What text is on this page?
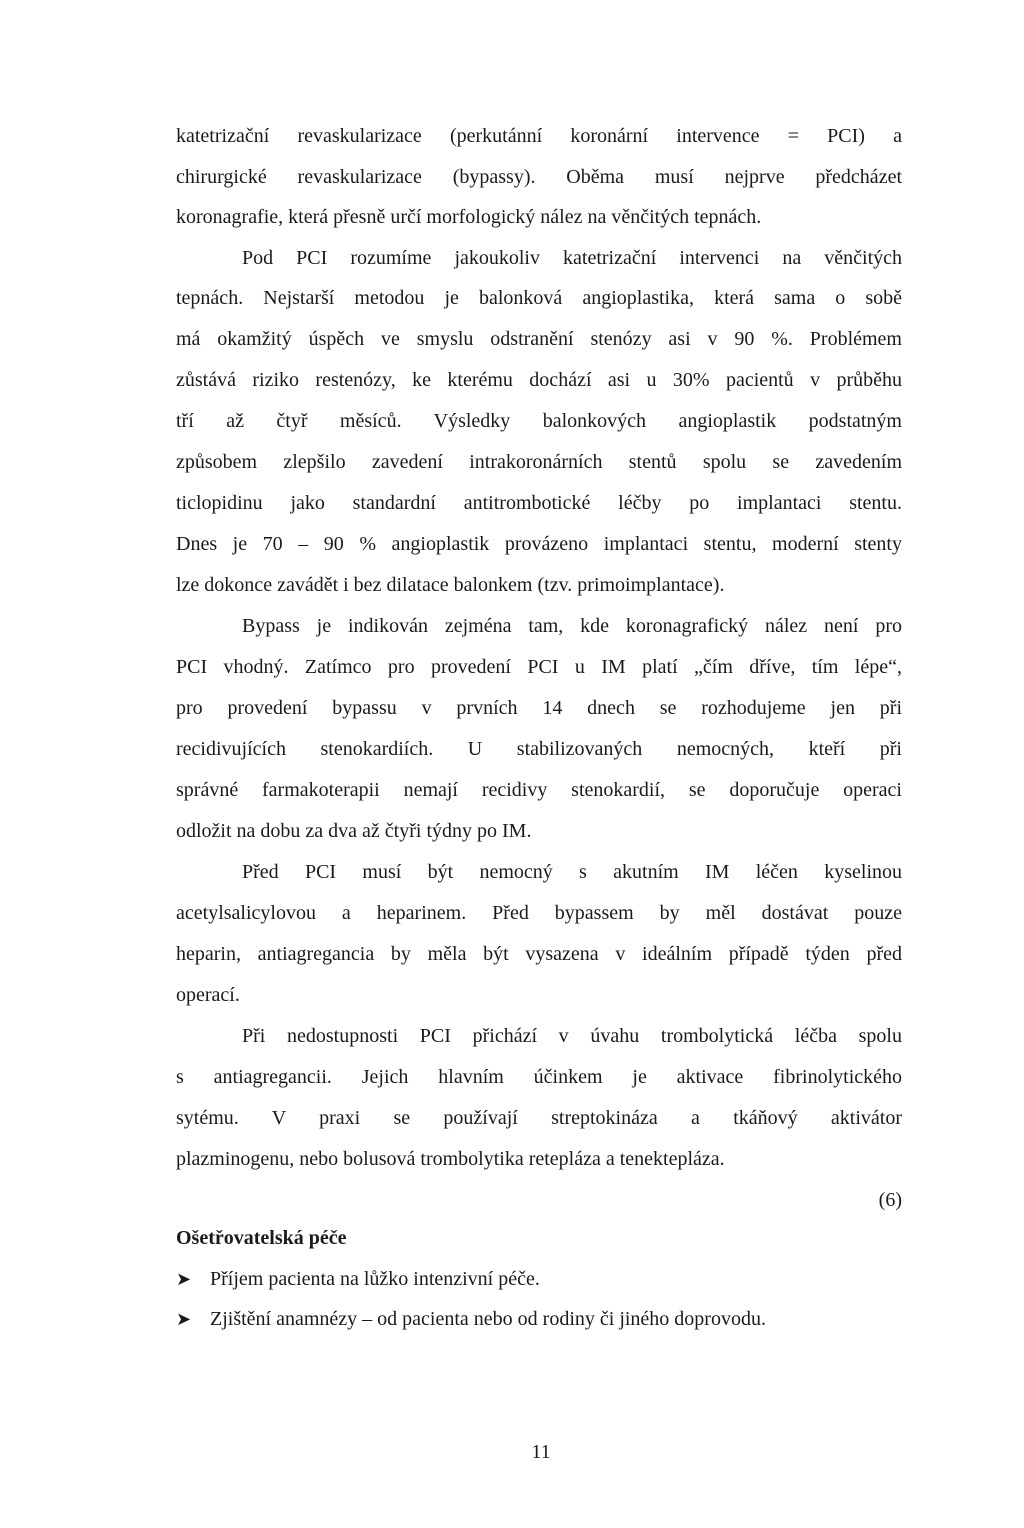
katetrizační revaskularizace (perkutánní koronární intervence = PCI) a

chirurgické revaskularizace (bypassy). Oběma musí nejprve předcházet

koronagrafie, která přesně určí morfologický nález na věnčitých tepnách.

Pod PCI rozumíme jakoukoliv katetrizační intervenci na věnčitých

tepnách. Nejstarší metodou je balonková angioplastika, která sama o sobě

má okamžitý úspěch ve smyslu odstranění stenózy asi v 90 %. Problémem

zůstává riziko restenózy, ke kterému dochází asi u 30% pacientů v průběhu

tří až čtyř měsíců. Výsledky balonkových angioplastik podstatným

způsobem zlepšilo zavedení intrakoronárních stentů spolu se zavedením

ticlopidinu jako standardní antitrombotické léčby po implantaci stentu.

Dnes je 70 – 90 % angioplastik provázeno implantaci stentu, moderní stenty

lze dokonce zavádět i bez dilatace balonkem (tzv. primoimplantace).

Bypass je indikován zejména tam, kde koronagrafický nález není pro

PCI vhodný. Zatímco pro provedení PCI u IM platí „čím dříve, tím lépe“,

pro provedení bypassu v prvních 14 dnech se rozhodujeme jen při

recidivujících stenokardiích. U stabilizovaných nemocných, kteří při

správné farmakoterapii nemají recidivy stenokardií, se doporučuje operaci

odložit na dobu za dva až čtyři týdny po IM.

Před PCI musí být nemocný s akutním IM léčen kyselinou

acetylsalicylovou a heparinem. Před bypassem by měl dostávat pouze

heparin, antiagregancia by měla být vysazena v ideálním případě týden před

operací.

Při nedostupnosti PCI přichází v úvahu trombolytická léčba spolu

s antiagregancii. Jejich hlavním účinkem je aktivace fibrinolytického

sytému. V praxi se používají streptokináza a tkáňový aktivátor

plazminogenu, nebo bolusová trombolytika retepláza a tenektepláza.

(6)
Ošetřovatelská péče
➤ Příjem pacienta na lůžko intenzivní péče.
➤ Zjištění anamnézy – od pacienta nebo od rodiny či jiného doprovodu.
11
